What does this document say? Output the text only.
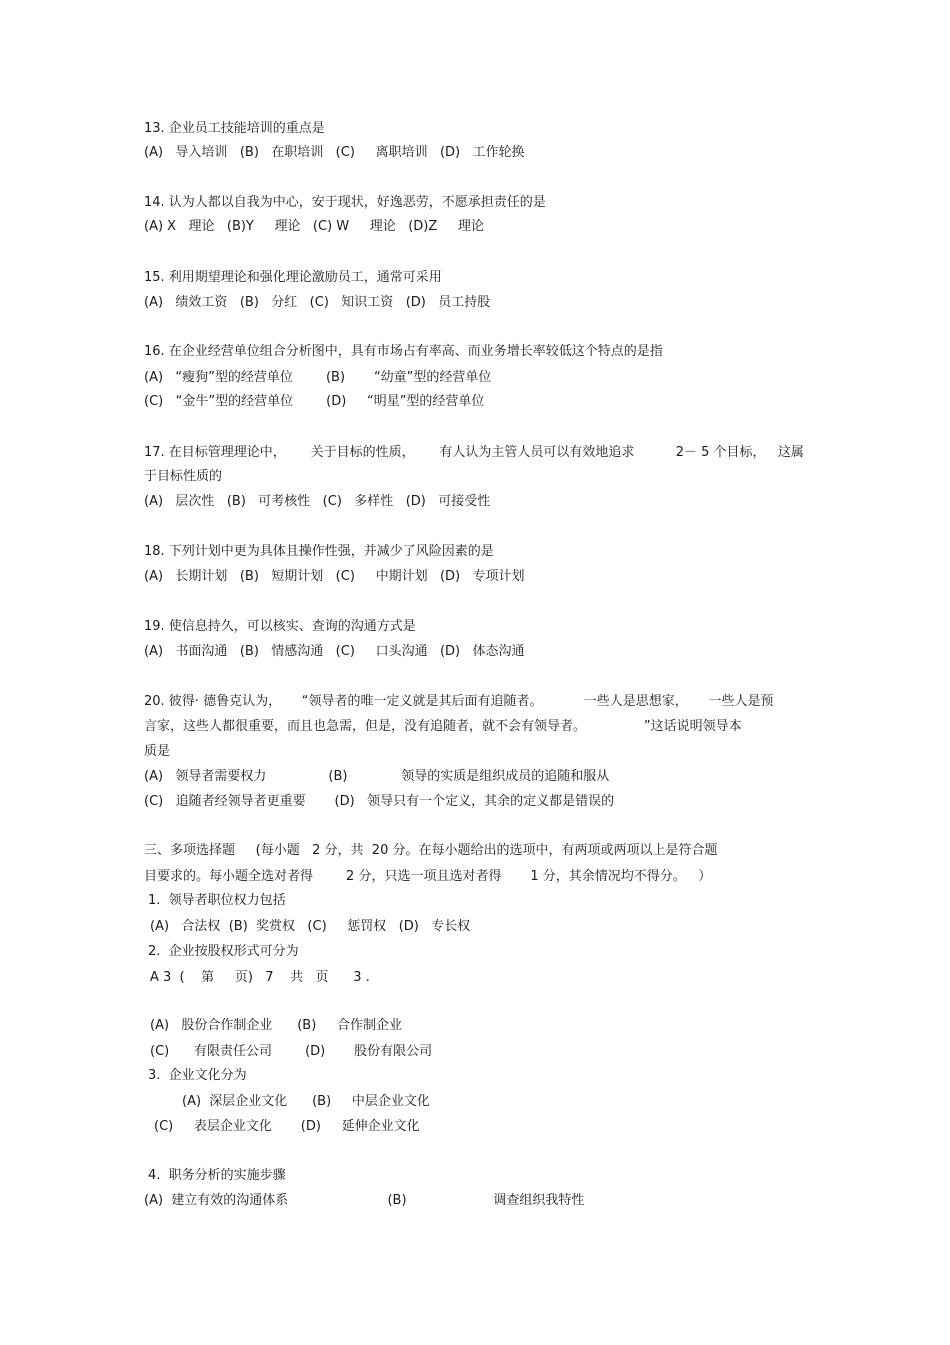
13. 企业员工技能培训的重点是
(A)   导入培训   (B)   在职培训   (C)     离职培训   (D)   工作轮换
14. 认为人都以自我为中心，安于现状，好逸恶劳，不愿承担责任的是
(A) X   理论   (B)Y     理论   (C) W     理论   (D)Z     理论
15. 利用期望理论和强化理论激励员工，通常可采用
(A)   绩效工资   (B)   分红   (C)   知识工资   (D)   员工持股
16. 在企业经营单位组合分析图中，具有市场占有率高、而业务增长率较低这个特点的是指
(A)   “瘦狗”型的经营单位        (B)       “幼童”型的经营单位
(C)   “金牛”型的经营单位        (D)     “明星”型的经营单位
17. 在目标管理理论中，      关于目标的性质，      有人认为主管人员可以有效地追求          2－ 5 个目标，   这属
于目标性质的
(A)   层次性   (B)   可考核性   (C)   多样性   (D)   可接受性
18. 下列计划中更为具体且操作性强，并减少了风险因素的是
(A)   长期计划   (B)   短期计划   (C)     中期计划   (D)   专项计划
19. 使信息持久，可以核实、查询的沟通方式是
(A)   书面沟通   (B)   情感沟通   (C)     口头沟通   (D)   体态沟通
20. 彼得· 德鲁克认为，     “领导者的唯一定义就是其后面有追随者。          一些人是思想家，     一些人是预
言家，这些人都很重要，而且也急需，但是，没有追随者，就不会有领导者。              ”这话说明领导本
质是
(A)   领导者需要权力               (B)             领导的实质是组织成员的追随和服从
(C)   追随者经领导者更重要       (D)   领导只有一个定义，其余的定义都是错误的
三、多项选择题     (每小题   2 分，共  20 分。在每小题给出的选项中，有两项或两项以上是符合题
目要求的。每小题全选对者得        2 分，只选一项且选对者得       1 分，其余情况均不得分。   ）
1.  领导者职位权力包括
(A)   合法权  (B)  奖赏权   (C)     惩罚权   (D)   专长权
2.  企业按股权形式可分为
A 3  (    第     页)   7    共   页      3 .
(A)   股份合作制企业      (B)     合作制企业
(C)      有限责任公司        (D)       股份有限公司
3.  企业文化分为
(A)  深层企业文化      (B)     中层企业文化
(C)     表层企业文化       (D)     延伸企业文化
4.  职务分析的实施步骤
(A)  建立有效的沟通体系                        (B)                     调查组织我特性
